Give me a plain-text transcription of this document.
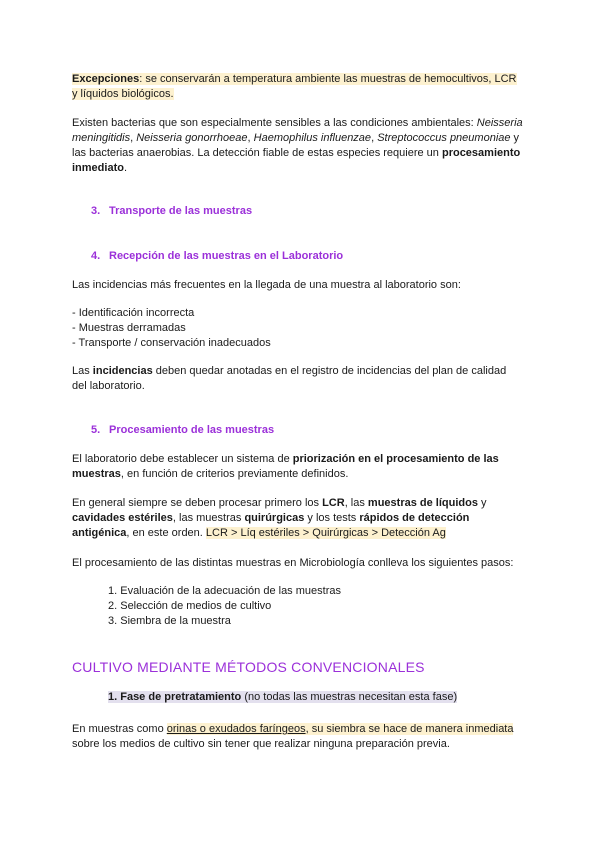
Excepciones: se conservarán a temperatura ambiente las muestras de hemocultivos, LCR
y líquidos biológicos.
Existen bacterias que son especialmente sensibles a las condiciones ambientales: Neisseria
meningitidis, Neisseria gonorrhoeae, Haemophilus influenzae, Streptococcus pneumoniae y
las bacterias anaerobias. La detección fiable de estas especies requiere un procesamiento
inmediato.
3. Transporte de las muestras
4. Recepción de las muestras en el Laboratorio
Las incidencias más frecuentes en la llegada de una muestra al laboratorio son:
- Identificación incorrecta
- Muestras derramadas
- Transporte / conservación inadecuados
Las incidencias deben quedar anotadas en el registro de incidencias del plan de calidad
del laboratorio.
5. Procesamiento de las muestras
El laboratorio debe establecer un sistema de priorización en el procesamiento de las
muestras, en función de criterios previamente definidos.
En general siempre se deben procesar primero los LCR, las muestras de líquidos y
cavidades estériles, las muestras quirúrgicas y los tests rápidos de detección
antigénica, en este orden. LCR > Líq estériles > Quirúrgicas > Detección Ag
El procesamiento de las distintas muestras en Microbiología conlleva los siguientes pasos:
1. Evaluación de la adecuación de las muestras
2. Selección de medios de cultivo
3. Siembra de la muestra
CULTIVO MEDIANTE MÉTODOS CONVENCIONALES
1. Fase de pretratamiento (no todas las muestras necesitan esta fase)
En muestras como orinas o exudados faríngeos, su siembra se hace de manera inmediata
sobre los medios de cultivo sin tener que realizar ninguna preparación previa.
